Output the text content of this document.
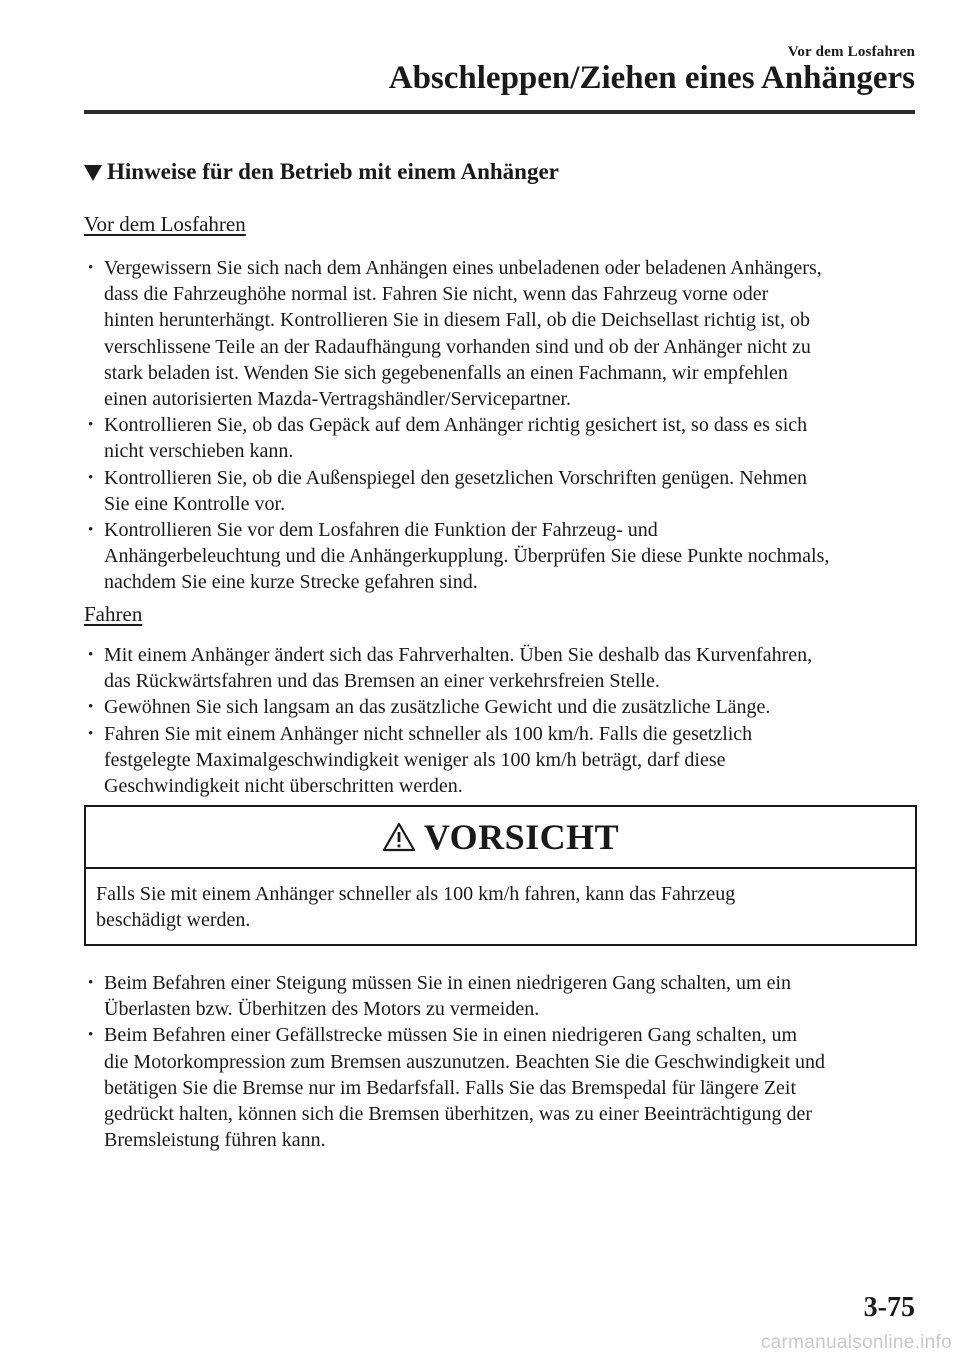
Vor dem Losfahren
Abschleppen/Ziehen eines Anhängers
Hinweise für den Betrieb mit einem Anhänger
Vor dem Losfahren
• Vergewissern Sie sich nach dem Anhängen eines unbeladenen oder beladenen Anhängers,
dass die Fahrzeughöhe normal ist. Fahren Sie nicht, wenn das Fahrzeug vorne oder
hinten herunterhängt. Kontrollieren Sie in diesem Fall, ob die Deichsellast richtig ist, ob
verschlissene Teile an der Radaufhängung vorhanden sind und ob der Anhänger nicht zu
stark beladen ist. Wenden Sie sich gegebenenfalls an einen Fachmann, wir empfehlen
einen autorisierten Mazda-Vertragshändler/Servicepartner.
• Kontrollieren Sie, ob das Gepäck auf dem Anhänger richtig gesichert ist, so dass es sich
nicht verschieben kann.
• Kontrollieren Sie, ob die Außenspiegel den gesetzlichen Vorschriften genügen. Nehmen
Sie eine Kontrolle vor.
• Kontrollieren Sie vor dem Losfahren die Funktion der Fahrzeug- und
Anhängerbeleuchtung und die Anhängerkupplung. Überprüfen Sie diese Punkte nochmals,
nachdem Sie eine kurze Strecke gefahren sind.
Fahren
• Mit einem Anhänger ändert sich das Fahrverhalten. Üben Sie deshalb das Kurvenfahren,
das Rückwärtsfahren und das Bremsen an einer verkehrsfreien Stelle.
• Gewöhnen Sie sich langsam an das zusätzliche Gewicht und die zusätzliche Länge.
• Fahren Sie mit einem Anhänger nicht schneller als 100 km/h. Falls die gesetzlich
festgelegte Maximalgeschwindigkeit weniger als 100 km/h beträgt, darf diese
Geschwindigkeit nicht überschritten werden.
VORSICHT
Falls Sie mit einem Anhänger schneller als 100 km/h fahren, kann das Fahrzeug
beschädigt werden.
• Beim Befahren einer Steigung müssen Sie in einen niedrigeren Gang schalten, um ein
Überlasten bzw. Überhitzen des Motors zu vermeiden.
• Beim Befahren einer Gefällstrecke müssen Sie in einen niedrigeren Gang schalten, um
die Motorkompression zum Bremsen auszunutzen. Beachten Sie die Geschwindigkeit und
betätigen Sie die Bremse nur im Bedarfsfall. Falls Sie das Bremspedal für längere Zeit
gedrückt halten, können sich die Bremsen überhitzen, was zu einer Beeinträchtigung der
Bremsleistung führen kann.
3-75
carmanualsonline.info
